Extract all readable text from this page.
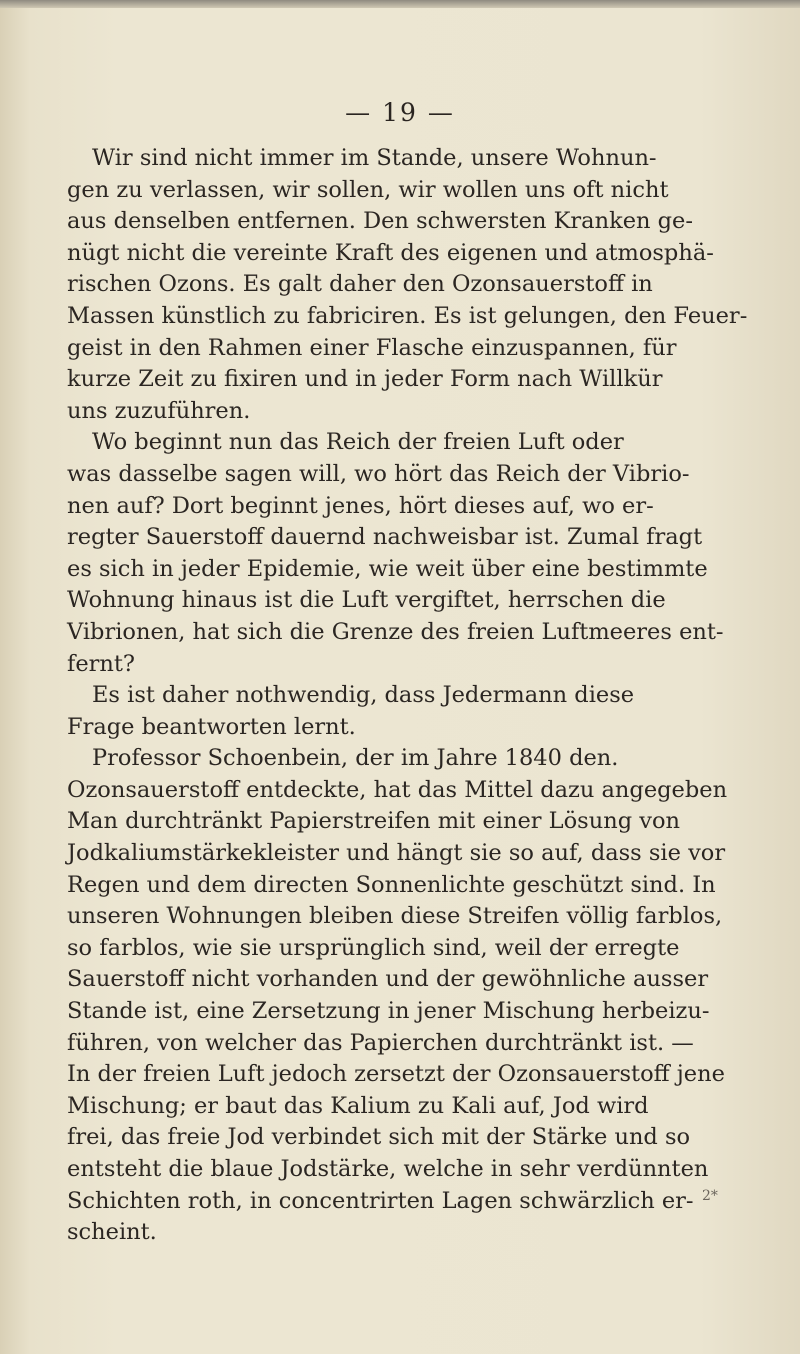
— 19 —

Wir sind nicht immer im Stande, unsere Wohnun-

gen zu verlassen, wir sollen, wir wollen uns oft nicht

aus denselben entfernen. Den schwersten Kranken ge-

nügt nicht die vereinte Kraft des eigenen und atmosphä-

rischen Ozons. Es galt daher den Ozonsauerstoff in

Massen künstlich zu fabriciren. Es ist gelungen, den Feuer-

geist in den Rahmen einer Flasche einzuspannen, für

kurze Zeit zu fixiren und in jeder Form nach Willkür

uns zuzuführen.

Wo beginnt nun das Reich der freien Luft oder

was dasselbe sagen will, wo hört das Reich der Vibrio-

nen auf? Dort beginnt jenes, hört dieses auf, wo er-

regter Sauerstoff dauernd nachweisbar ist. Zumal fragt

es sich in jeder Epidemie, wie weit über eine bestimmte

Wohnung hinaus ist die Luft vergiftet, herrschen die

Vibrionen, hat sich die Grenze des freien Luftmeeres ent-

fernt?

Es ist daher nothwendig, dass Jedermann diese

Frage beantworten lernt.

Professor Schoenbein, der im Jahre 1840 den.

Ozonsauerstoff entdeckte, hat das Mittel dazu angegeben

Man durchtränkt Papierstreifen mit einer Lösung von

Jodkaliumstärkekleister und hängt sie so auf, dass sie vor

Regen und dem directen Sonnenlichte geschützt sind. In

unseren Wohnungen bleiben diese Streifen völlig farblos,

so farblos, wie sie ursprünglich sind, weil der erregte

Sauerstoff nicht vorhanden und der gewöhnliche ausser

Stande ist, eine Zersetzung in jener Mischung herbeizu-

führen, von welcher das Papierchen durchtränkt ist. —

In der freien Luft jedoch zersetzt der Ozonsauerstoff jene

Mischung; er baut das Kalium zu Kali auf, Jod wird

frei, das freie Jod verbindet sich mit der Stärke und so

entsteht die blaue Jodstärke, welche in sehr verdünnten

Schichten roth, in concentrirten Lagen schwärzlich er-

scheint.

2*
